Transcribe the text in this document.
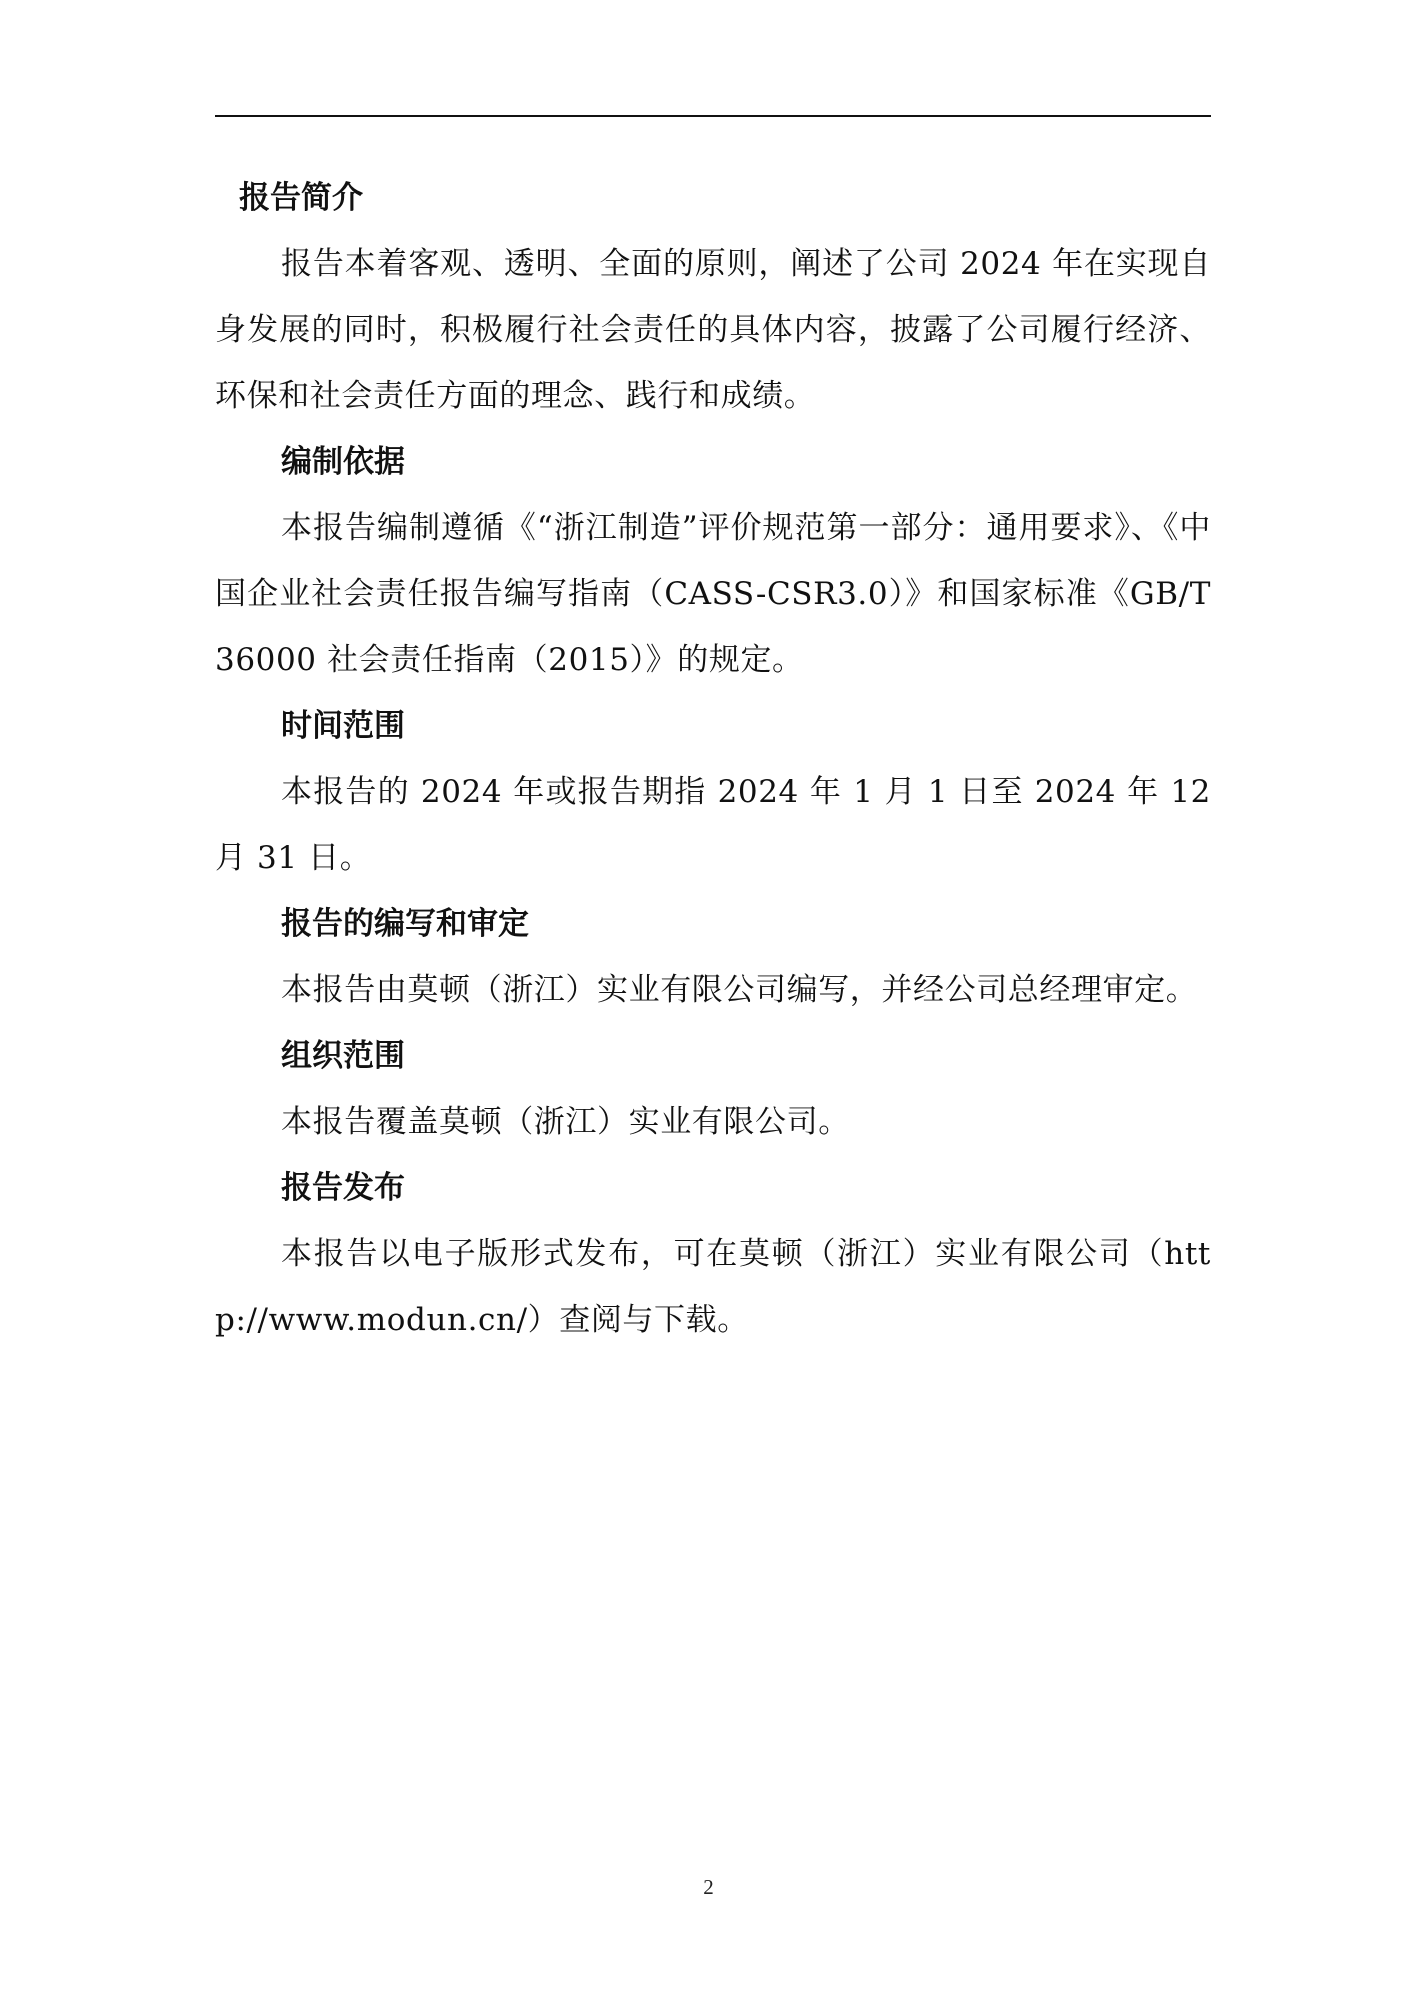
报告简介

报告本着客观、透明、全面的原则，阐述了公司 2024 年在实现自身发展的同时，积极履行社会责任的具体内容，披露了公司履行经济、环保和社会责任方面的理念、践行和成绩。

编制依据

本报告编制遵循《“浙江制造”评价规范第一部分：通用要求》、《中国企业社会责任报告编写指南（CASS-CSR3.0）》和国家标准《GB/T 36000 社会责任指南（2015）》的规定。

时间范围

本报告的 2024 年或报告期指 2024 年 1 月 1 日至 2024 年 12 月 31 日。

报告的编写和审定

本报告由莫顿（浙江）实业有限公司编写，并经公司总经理审定。

组织范围

本报告覆盖莫顿（浙江）实业有限公司。

报告发布

本报告以电子版形式发布，可在莫顿（浙江）实业有限公司（http://www.modun.cn/）查阅与下载。

2
